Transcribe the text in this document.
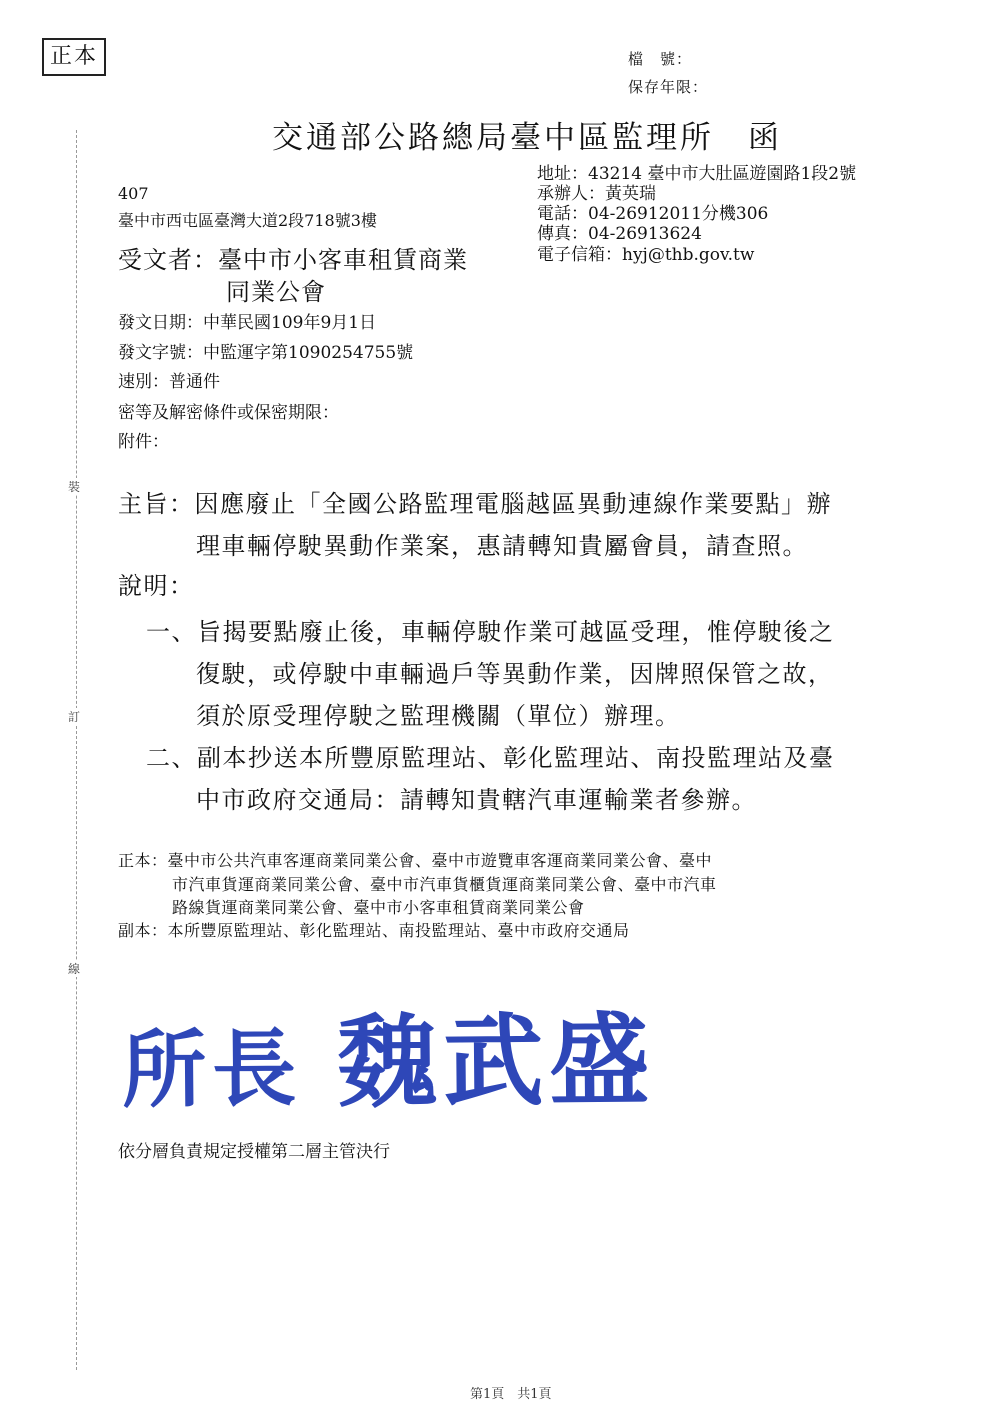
裝
訂
線
正本	檔　號：
保存年限：
交通部公路總局臺中區監理所　函
地址：43214 臺中市大肚區遊園路1段2號
承辦人：黃英瑞
電話：04-26912011分機306
傳真：04-26913624
電子信箱：hyj@thb.gov.tw
407
臺中市西屯區臺灣大道2段718號3樓
受文者：臺中市小客車租賃商業
同業公會
發文日期：中華民國109年9月1日
發文字號：中監運字第1090254755號
速別：普通件
密等及解密條件或保密期限：
附件：
主旨：因應廢止「全國公路監理電腦越區異動連線作業要點」辦
理車輛停駛異動作業案，惠請轉知貴屬會員，請查照。
說明：
一、旨揭要點廢止後，車輛停駛作業可越區受理，惟停駛後之
復駛，或停駛中車輛過戶等異動作業，因牌照保管之故，
須於原受理停駛之監理機關（單位）辦理。
二、副本抄送本所豐原監理站、彰化監理站、南投監理站及臺
中市政府交通局：請轉知貴轄汽車運輸業者參辦。
正本：臺中市公共汽車客運商業同業公會、臺中市遊覽車客運商業同業公會、臺中
市汽車貨運商業同業公會、臺中市汽車貨櫃貨運商業同業公會、臺中市汽車
路線貨運商業同業公會、臺中市小客車租賃商業同業公會
副本：本所豐原監理站、彰化監理站、南投監理站、臺中市政府交通局
所長 魏武盛
依分層負責規定授權第二層主管決行
第1頁　共1頁
